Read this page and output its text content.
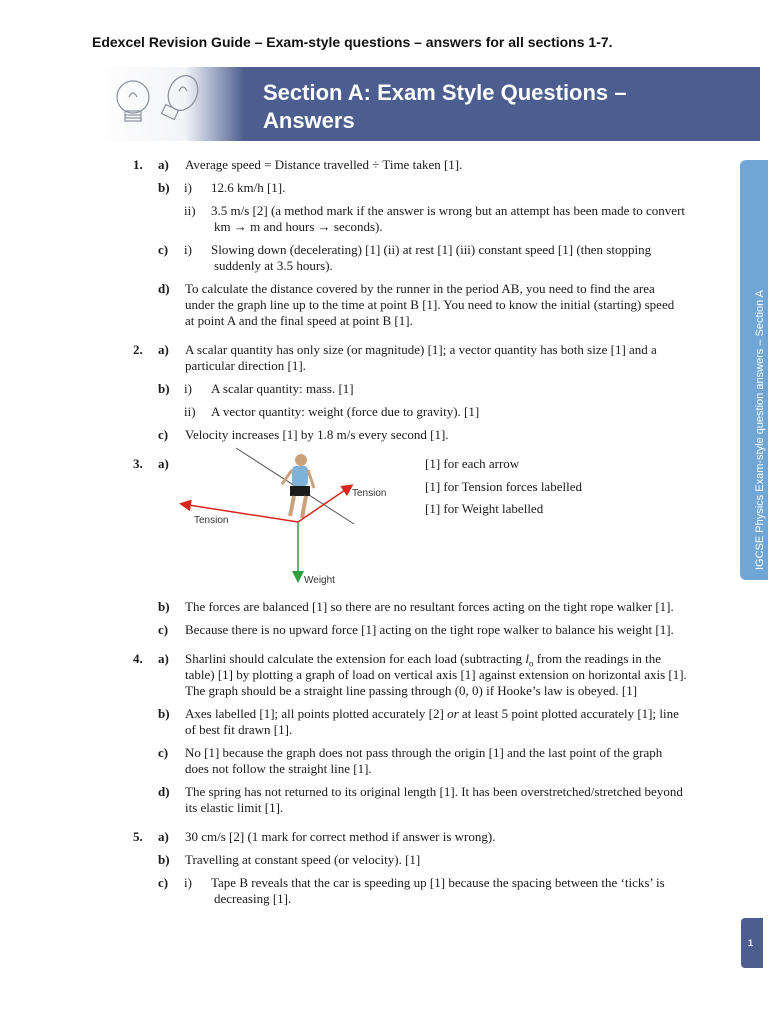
Edexcel Revision Guide – Exam-style questions – answers for all sections 1-7.
Section A: Exam Style Questions –
Answers
IGCSE Physics Exam-style question answers – Section A
1
1. a) Average speed = Distance travelled ÷ Time taken [1].
b) i) 12.6 km/h [1].
ii) 3.5 m/s [2] (a method mark if the answer is wrong but an attempt has been made to convert
km → m and hours → seconds).
c) i) Slowing down (decelerating) [1] (ii) at rest [1] (iii) constant speed [1] (then stopping
suddenly at 3.5 hours).
d) To calculate the distance covered by the runner in the period AB, you need to find the area
under the graph line up to the time at point B [1]. You need to know the initial (starting) speed
at point A and the final speed at point B [1].
2. a) A scalar quantity has only size (or magnitude) [1]; a vector quantity has both size [1] and a
particular direction [1].
b) i) A scalar quantity: mass. [1]
ii) A vector quantity: weight (force due to gravity). [1]
c) Velocity increases [1] by 1.8 m/s every second [1].
3. a)
Tension
Tension
Weight
[1] for each arrow
[1] for Tension forces labelled
[1] for Weight labelled
b) The forces are balanced [1] so there are no resultant forces acting on the tight rope walker [1].
c) Because there is no upward force [1] acting on the tight rope walker to balance his weight [1].
4. a) Sharlini should calculate the extension for each load (subtracting $l_o$ from the readings in the
table) [1] by plotting a graph of load on vertical axis [1] against extension on horizontal axis [1].
The graph should be a straight line passing through (0, 0) if Hooke’s law is obeyed. [1]
b) Axes labelled [1]; all points plotted accurately [2] or at least 5 point plotted accurately [1]; line
of best fit drawn [1].
c) No [1] because the graph does not pass through the origin [1] and the last point of the graph
does not follow the straight line [1].
d) The spring has not returned to its original length [1]. It has been overstretched/stretched beyond
its elastic limit [1].
5. a) 30 cm/s [2] (1 mark for correct method if answer is wrong).
b) Travelling at constant speed (or velocity). [1]
c) i) Tape B reveals that the car is speeding up [1] because the spacing between the ‘ticks’ is
decreasing [1].
